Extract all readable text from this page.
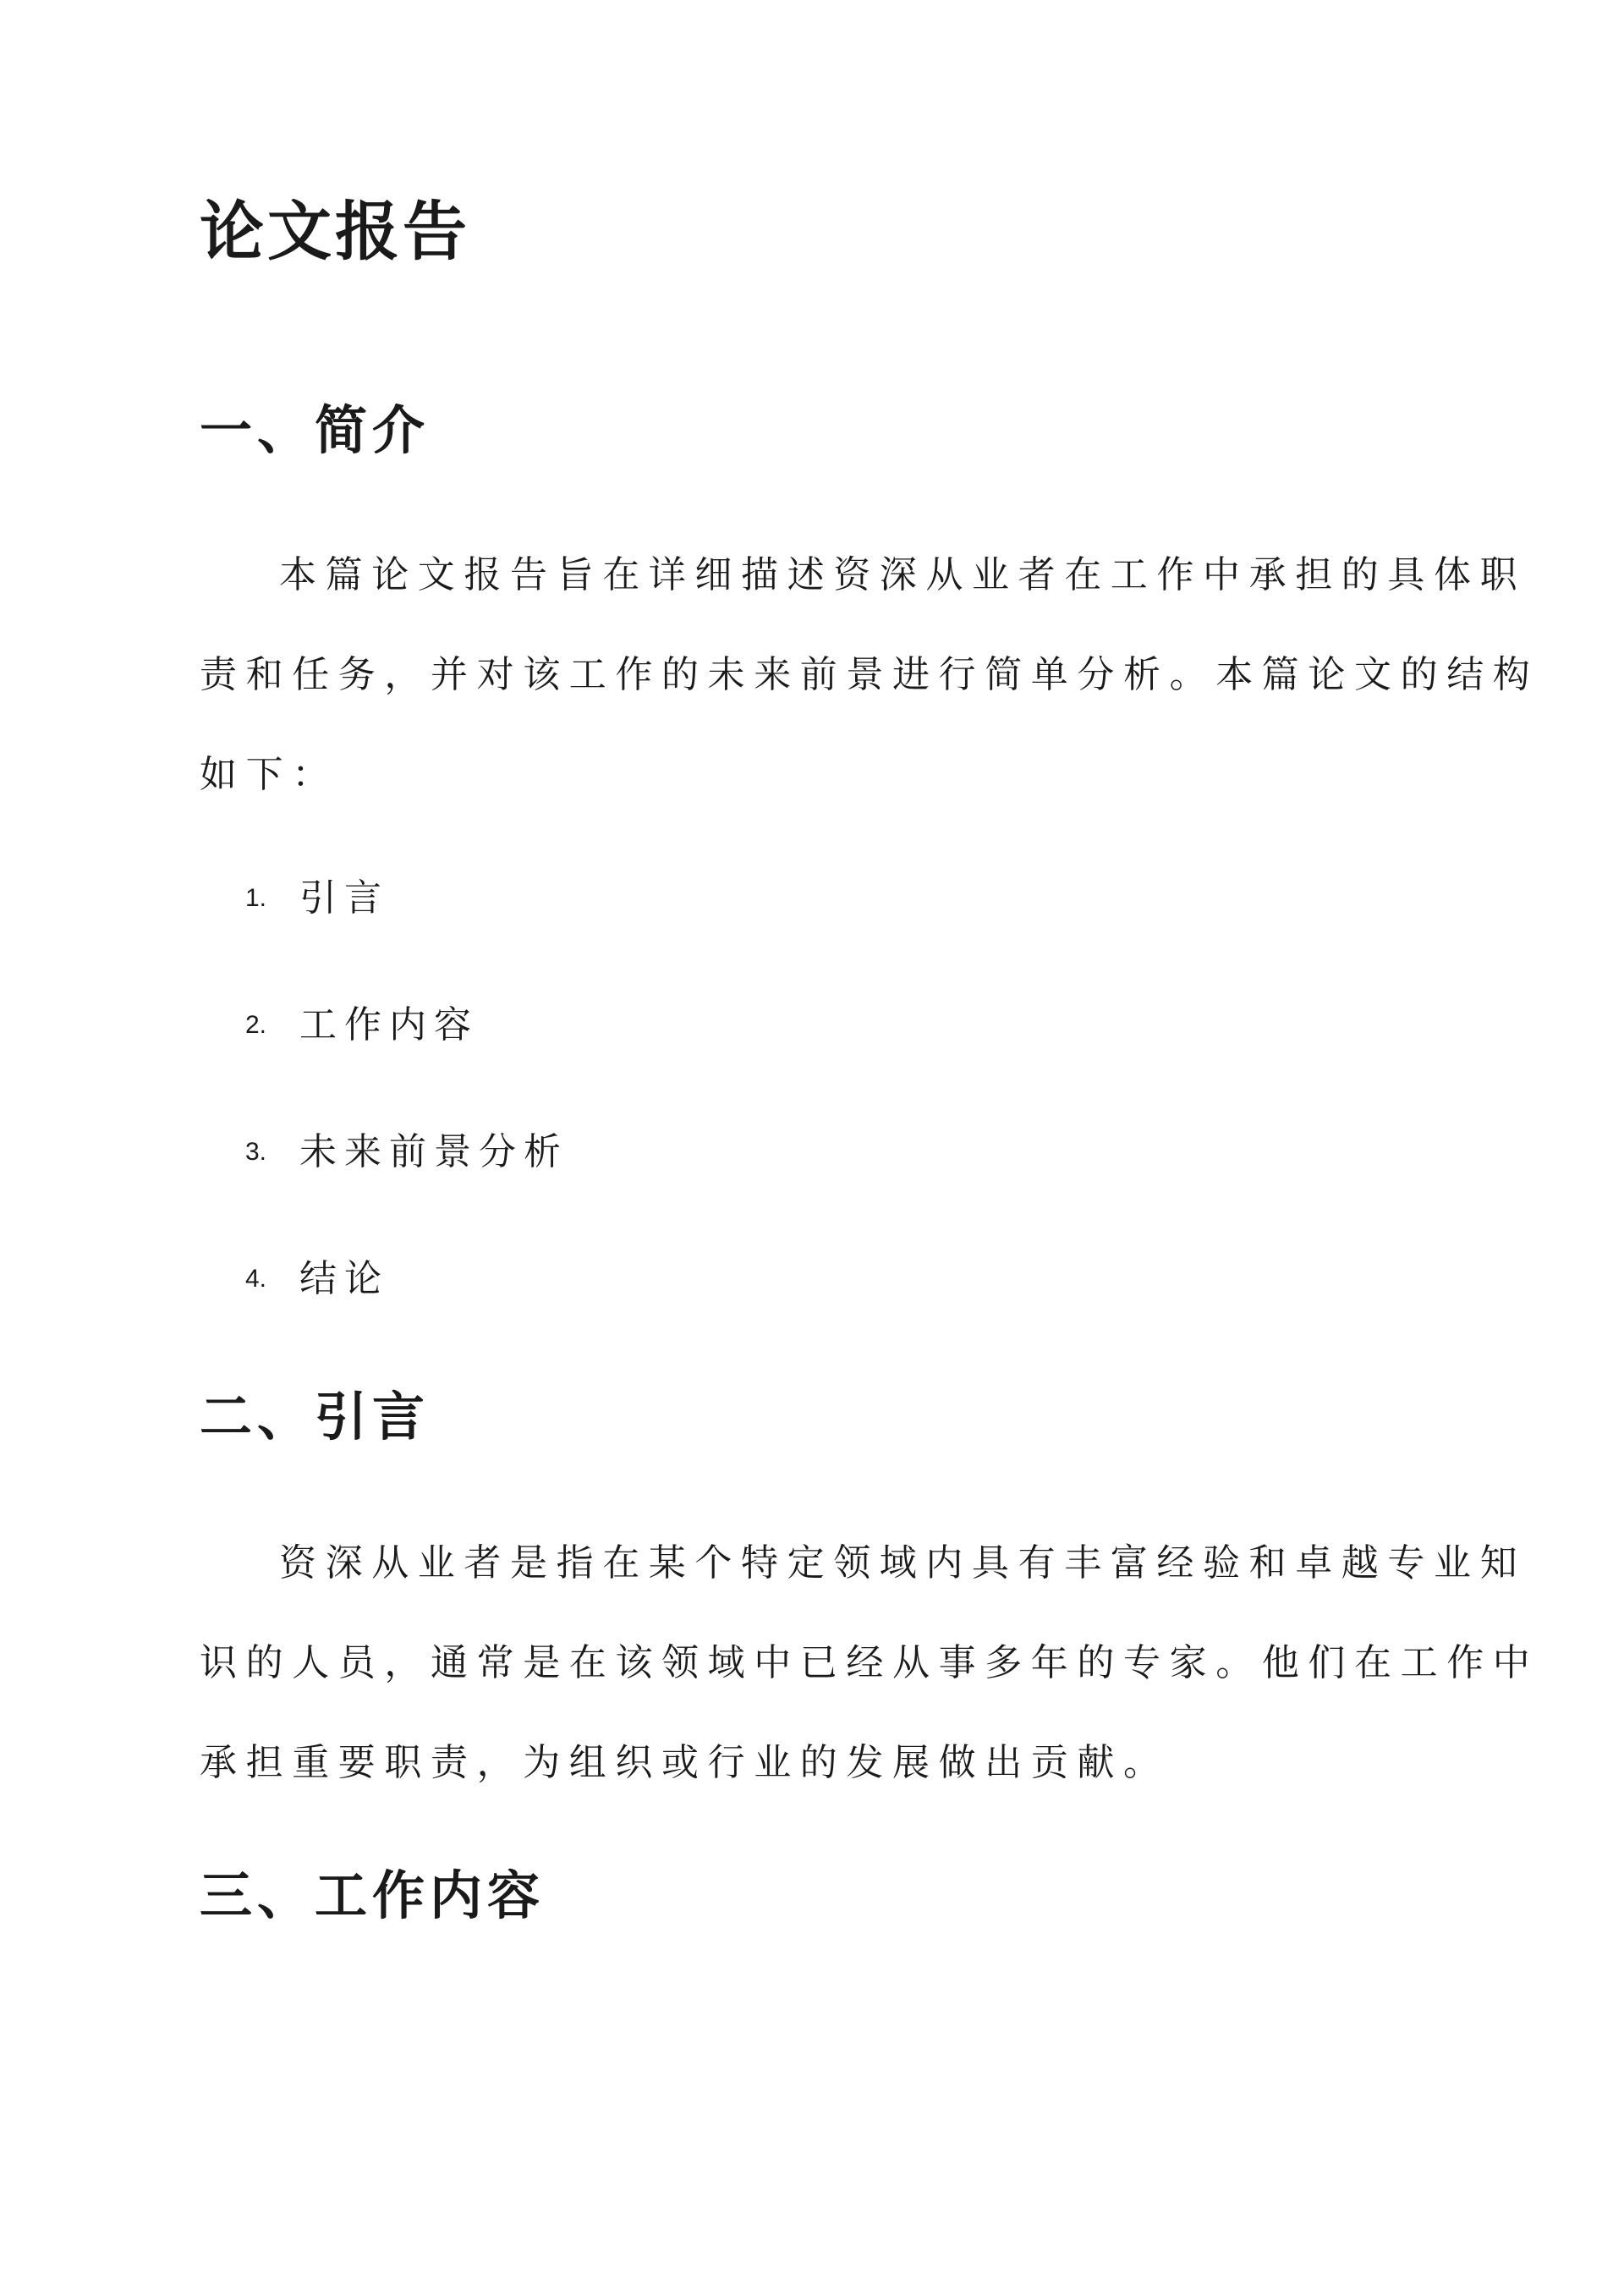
论文报告
一、简介

本篇论文报告旨在详细描述资深从业者在工作中承担的具体职

责和任务，并对该工作的未来前景进行简单分析。本篇论文的结构

如下：

1. 引言
2. 工作内容
3. 未来前景分析
4. 结论
二、引言

资深从业者是指在某个特定领域内具有丰富经验和卓越专业知

识的人员，通常是在该领域中已经从事多年的专家。他们在工作中

承担重要职责，为组织或行业的发展做出贡献。

三、工作内容
